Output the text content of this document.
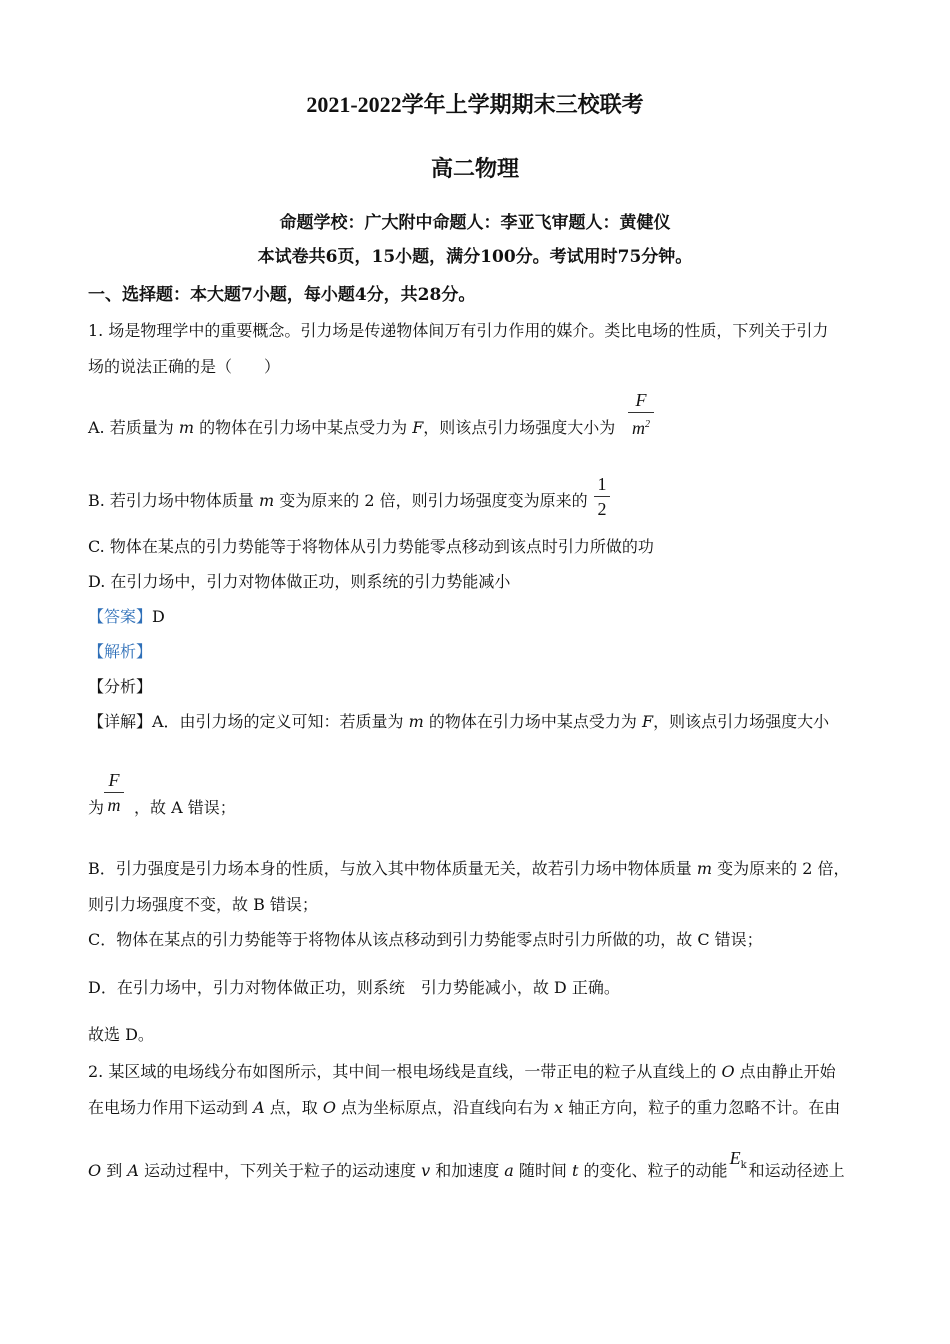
2021-2022学年上学期期末三校联考
高二物理
命题学校：广大附中命题人：李亚飞审题人：黄健仪
本试卷共6页，15小题，满分100分。考试用时75分钟。
一、选择题：本大题7小题，每小题4分，共28分。
1. 场是物理学中的重要概念。引力场是传递物体间万有引力作用的媒介。类比电场的性质，下列关于引力
场的说法正确的是（　　）
A. 若质量为 m 的物体在引力场中某点受力为 F，则该点引力场强度大小为
F
$m^2$
B. 若引力场中物体质量 m 变为原来的 2 倍，则引力场强度变为原来的
1
2
C. 物体在某点的引力势能等于将物体从引力势能零点移动到该点时引力所做的功
D. 在引力场中，引力对物体做正功，则系统的引力势能减小
【答案】D
【解析】
【分析】
【详解】A．由引力场的定义可知：若质量为 m 的物体在引力场中某点受力为 F，则该点引力场强度大小
为 ，故 A 错误；
F
m
B．引力强度是引力场本身的性质，与放入其中物体质量无关，故若引力场中物体质量 m 变为原来的 2 倍，
则引力场强度不变，故 B 错误；
C．物体在某点的引力势能等于将物体从该点移动到引力势能零点时引力所做的功，故 C 错误；
D．在引力场中，引力对物体做正功，则系统　引力势能减小，故 D 正确。
故选 D。
2. 某区域的电场线分布如图所示，其中间一根电场线是直线，一带正电的粒子从直线上的 O 点由静止开始
在电场力作用下运动到 A 点，取 O 点为坐标原点，沿直线向右为 x 轴正方向，粒子的重力忽略不计。在由
O 到 A 运动过程中，下列关于粒子的运动速度 v 和加速度 a 随时间 t 的变化、粒子的动能$E_k$ 和运动径迹上
